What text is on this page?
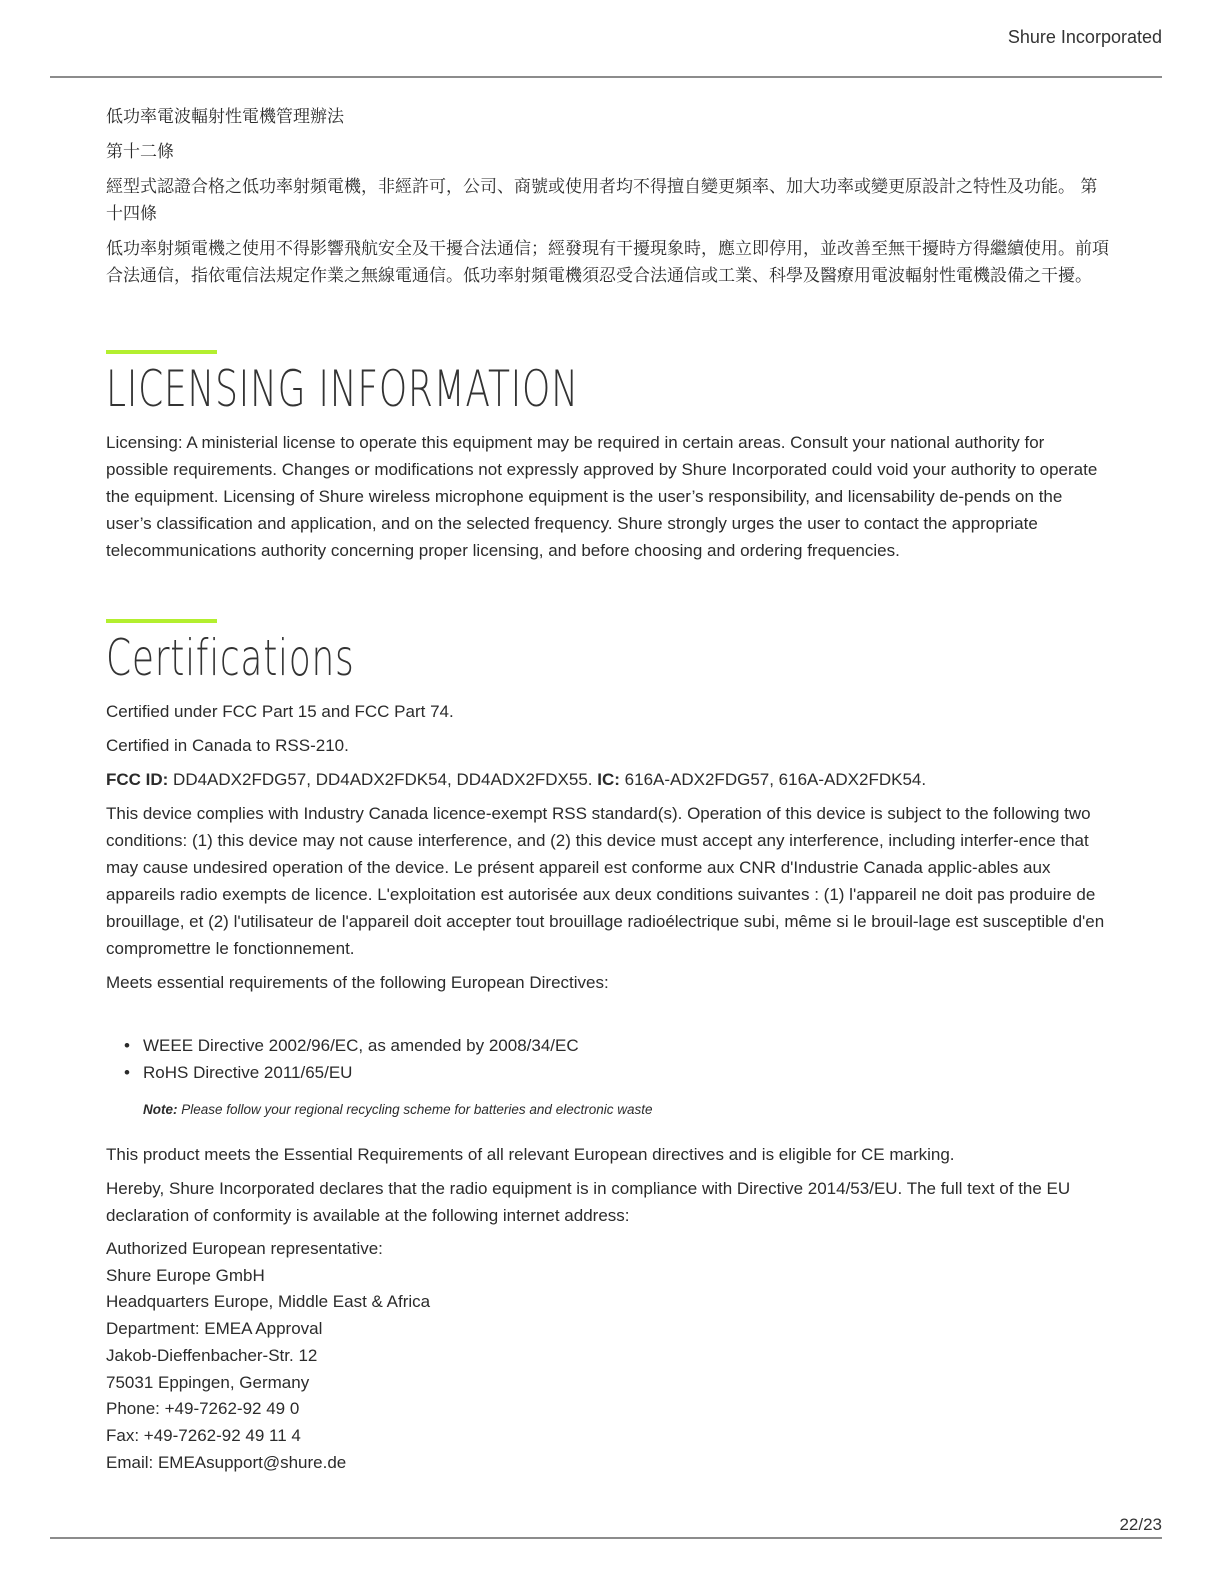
Shure Incorporated

低功率電波輻射性電機管理辦法

第十二條

經型式認證合格之低功率射頻電機，非經許可，公司、商號或使用者均不得擅自變更頻率、加大功率或變更原設計之特性及功能。 第十四條

低功率射頻電機之使用不得影響飛航安全及干擾合法通信；經發現有干擾現象時，應立即停用，並改善至無干擾時方得繼續使用。前項合法通信，指依電信法規定作業之無線電通信。低功率射頻電機須忍受合法通信或工業、科學及醫療用電波輻射性電機設備之干擾。

LICENSING INFORMATION

Licensing: A ministerial license to operate this equipment may be required in certain areas. Consult your national authority for possible requirements. Changes or modifications not expressly approved by Shure Incorporated could void your authority to operate the equipment. Licensing of Shure wireless microphone equipment is the user’s responsibility, and licensability de-pends on the user’s classification and application, and on the selected frequency. Shure strongly urges the user to contact the appropriate telecommunications authority concerning proper licensing, and before choosing and ordering frequencies.

Certifications

Certified under FCC Part 15 and FCC Part 74.

Certified in Canada to RSS-210.

FCC ID: DD4ADX2FDG57, DD4ADX2FDK54, DD4ADX2FDX55. IC: 616A-ADX2FDG57, 616A-ADX2FDK54.

This device complies with Industry Canada licence-exempt RSS standard(s). Operation of this device is subject to the following two conditions: (1) this device may not cause interference, and (2) this device must accept any interference, including interfer-ence that may cause undesired operation of the device. Le présent appareil est conforme aux CNR d'Industrie Canada applic-ables aux appareils radio exempts de licence. L'exploitation est autorisée aux deux conditions suivantes : (1) l'appareil ne doit pas produire de brouillage, et (2) l'utilisateur de l'appareil doit accepter tout brouillage radioélectrique subi, même si le brouil-lage est susceptible d'en compromettre le fonctionnement.

Meets essential requirements of the following European Directives:

• WEEE Directive 2002/96/EC, as amended by 2008/34/EC
• RoHS Directive 2011/65/EU
Note: Please follow your regional recycling scheme for batteries and electronic waste

This product meets the Essential Requirements of all relevant European directives and is eligible for CE marking.

Hereby, Shure Incorporated declares that the radio equipment is in compliance with Directive 2014/53/EU. The full text of the EU declaration of conformity is available at the following internet address:

Authorized European representative:
Shure Europe GmbH
Headquarters Europe, Middle East & Africa
Department: EMEA Approval
Jakob-Dieffenbacher-Str. 12
75031 Eppingen, Germany
Phone: +49-7262-92 49 0
Fax: +49-7262-92 49 11 4
Email: EMEAsupport@shure.de
22/23
